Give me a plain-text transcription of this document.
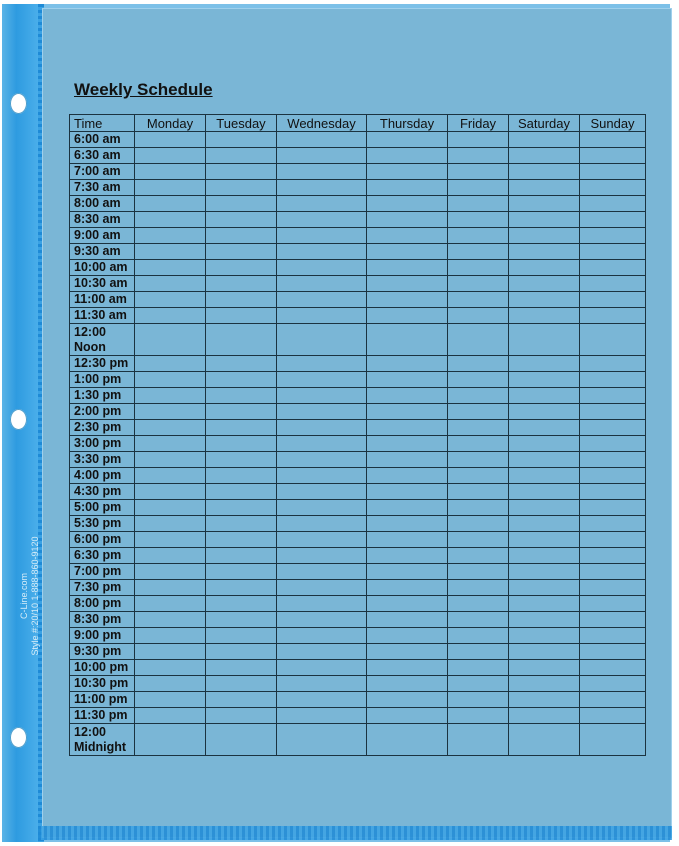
C-Line.com Style #:20/10 1-888-860-9120
Weekly Schedule
Time	Monday	Tuesday	Wednesday	Thursday	Friday	Saturday	Sunday
6:00 am							
6:30 am							
7:00 am							
7:30 am							
8:00 am							
8:30 am							
9:00 am							
9:30 am							
10:00 am							
10:30 am							
11:00 am							
11:30 am							
12:00
Noon							
12:30 pm							
1:00 pm							
1:30 pm							
2:00 pm							
2:30 pm							
3:00 pm							
3:30 pm							
4:00 pm							
4:30 pm							
5:00 pm							
5:30 pm							
6:00 pm							
6:30 pm							
7:00 pm							
7:30 pm							
8:00 pm							
8:30 pm							
9:00 pm							
9:30 pm							
10:00 pm							
10:30 pm							
11:00 pm							
11:30 pm							
12:00
Midnight							
